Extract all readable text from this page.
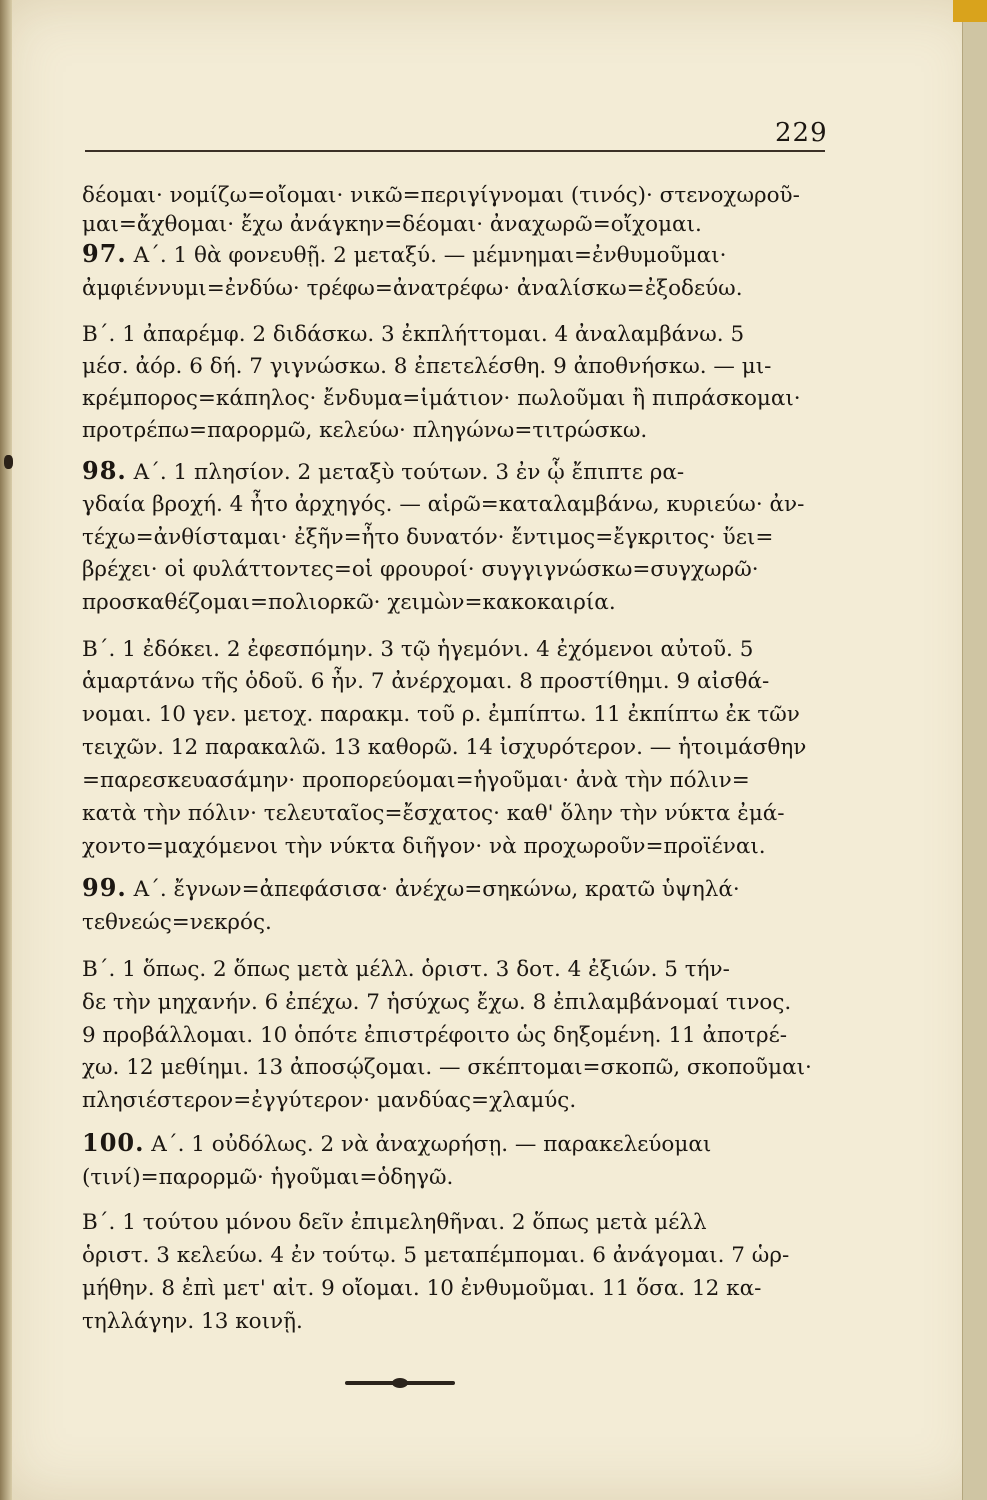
229
δέομαι· νομίζω=οἴομαι· νικῶ=περιγίγνομαι (τινός)· στενοχωροῦ-
μαι=ἄχθομαι· ἔχω ἀνάγκην=δέομαι· ἀναχωρῶ=οἴχομαι.
97. Α΄. 1 θὰ φονευθῇ. 2 μεταξύ. — μέμνημαι=ἐνθυμοῦμαι·
ἀμφιέννυμι=ἐνδύω· τρέφω=ἀνατρέφω· ἀναλίσκω=ἐξοδεύω.
Β΄. 1 ἀπαρέμφ. 2 διδάσκω. 3 ἐκπλήττομαι. 4 ἀναλαμβάνω. 5
μέσ. ἀόρ. 6 δή. 7 γιγνώσκω. 8 ἐπετελέσθη. 9 ἀποθνήσκω. — μι-
κρέμπορος=κάπηλος· ἔνδυμα=ἱμάτιον· πωλοῦμαι ἢ πιπράσκομαι·
προτρέπω=παρορμῶ, κελεύω· πληγώνω=τιτρώσκω.
98. Α΄. 1 πλησίον. 2 μεταξὺ τούτων. 3 ἐν ᾧ ἔπιπτε ρα-
γδαία βροχή. 4 ἦτο ἀρχηγός. — αἱρῶ=καταλαμβάνω, κυριεύω· ἀν-
τέχω=ἀνθίσταμαι· ἐξῆν=ἦτο δυνατόν· ἔντιμος=ἔγκριτος· ὕει=
βρέχει· οἱ φυλάττοντες=οἱ φρουροί· συγγιγνώσκω=συγχωρῶ·
προσκαθέζομαι=πολιορκῶ· χειμὼν=κακοκαιρία.
Β΄. 1 ἐδόκει. 2 ἐφεσπόμην. 3 τῷ ἡγεμόνι. 4 ἐχόμενοι αὐτοῦ. 5
ἁμαρτάνω τῆς ὁδοῦ. 6 ἦν. 7 ἀνέρχομαι. 8 προστίθημι. 9 αἰσθά-
νομαι. 10 γεν. μετοχ. παρακμ. τοῦ ρ. ἐμπίπτω. 11 ἐκπίπτω ἐκ τῶν
τειχῶν. 12 παρακαλῶ. 13 καθορῶ. 14 ἰσχυρότερον. — ἡτοιμάσθην
=παρεσκευασάμην· προπορεύομαι=ἡγοῦμαι· ἀνὰ τὴν πόλιν=
κατὰ τὴν πόλιν· τελευταῖος=ἔσχατος· καθ' ὅλην τὴν νύκτα ἐμά-
χοντο=μαχόμενοι τὴν νύκτα διῆγον· νὰ προχωροῦν=προϊέναι.
99. Α΄. ἔγνων=ἀπεφάσισα· ἀνέχω=σηκώνω, κρατῶ ὑψηλά·
τεθνεώς=νεκρός.
Β΄. 1 ὅπως. 2 ὅπως μετὰ μέλλ. ὁριστ. 3 δοτ. 4 ἐξιών. 5 τήν-
δε τὴν μηχανήν. 6 ἐπέχω. 7 ἡσύχως ἔχω. 8 ἐπιλαμβάνομαί τινος.
9 προβάλλομαι. 10 ὁπότε ἐπιστρέφοιτο ὡς δηξομένη. 11 ἀποτρέ-
χω. 12 μεθίημι. 13 ἀποσῴζομαι. — σκέπτομαι=σκοπῶ, σκοποῦμαι·
πλησιέστερον=ἐγγύτερον· μανδύας=χλαμύς.
100. Α΄. 1 οὐδόλως. 2 νὰ ἀναχωρήσῃ. — παρακελεύομαι
(τινί)=παρορμῶ· ἡγοῦμαι=ὁδηγῶ.
Β΄. 1 τούτου μόνου δεῖν ἐπιμεληθῆναι. 2 ὅπως μετὰ μέλλ
ὁριστ. 3 κελεύω. 4 ἐν τούτῳ. 5 μεταπέμπομαι. 6 ἀνάγομαι. 7 ὡρ-
μήθην. 8 ἐπὶ μετ' αἰτ. 9 οἴομαι. 10 ἐνθυμοῦμαι. 11 ὅσα. 12 κα-
τηλλάγην. 13 κοινῇ.
